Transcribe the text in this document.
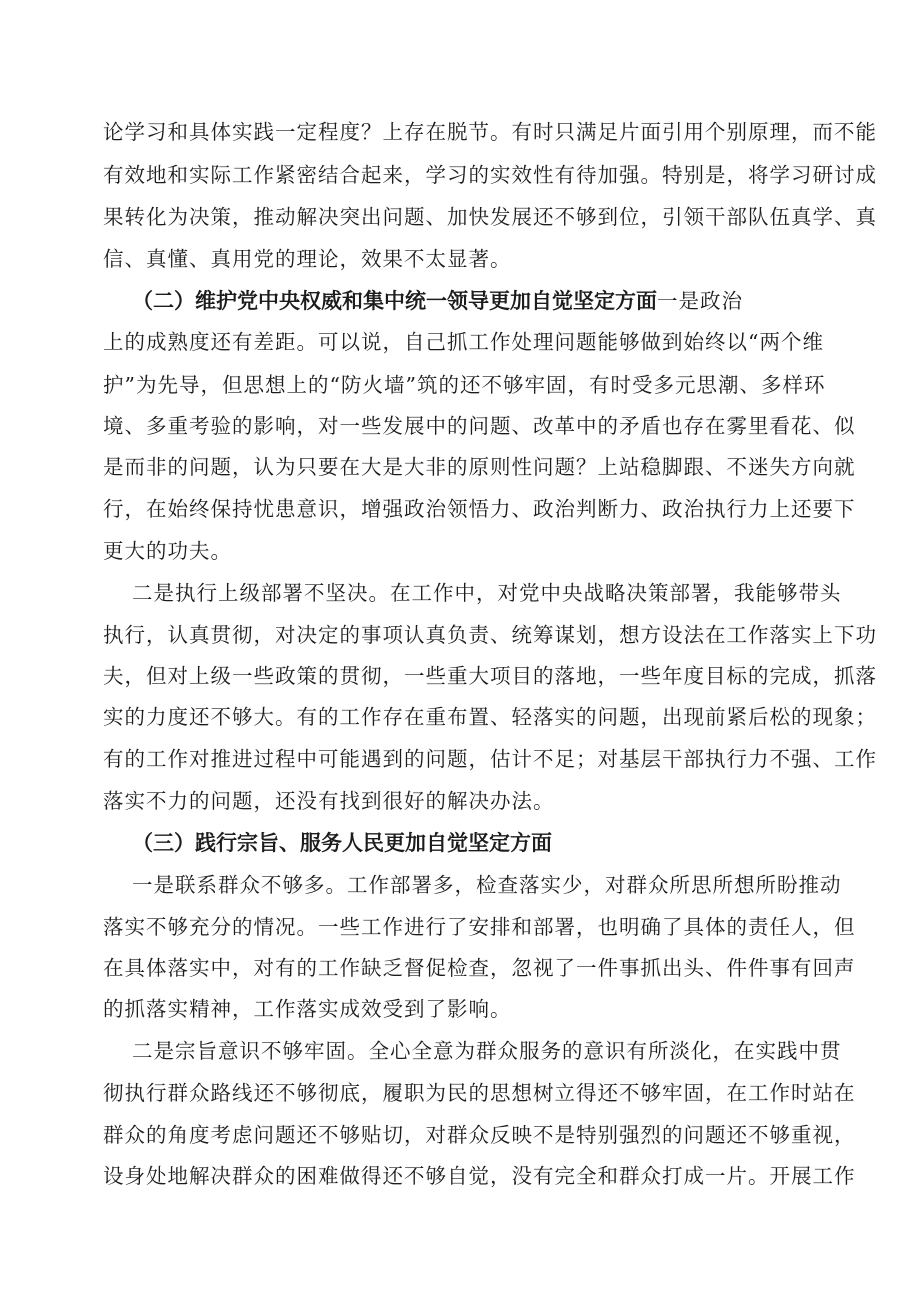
论学习和具体实践一定程度？上存在脱节。有时只满足片面引用个别原理，而不能
有效地和实际工作紧密结合起来，学习的实效性有待加强。特别是，将学习研讨成
果转化为决策，推动解决突出问题、加快发展还不够到位，引领干部队伍真学、真
信、真懂、真用党的理论，效果不太显著。
（二）维护党中央权威和集中统一领导更加自觉坚定方面一是政治
上的成熟度还有差距。可以说，自己抓工作处理问题能够做到始终以“两个维
护”为先导，但思想上的“防火墙”筑的还不够牢固，有时受多元思潮、多样环
境、多重考验的影响，对一些发展中的问题、改革中的矛盾也存在雾里看花、似
是而非的问题，认为只要在大是大非的原则性问题？上站稳脚跟、不迷失方向就
行，在始终保持忧患意识，增强政治领悟力、政治判断力、政治执行力上还要下
更大的功夫。
二是执行上级部署不坚决。在工作中，对党中央战略决策部署，我能够带头
执行，认真贯彻，对决定的事项认真负责、统筹谋划，想方设法在工作落实上下功
夫，但对上级一些政策的贯彻，一些重大项目的落地，一些年度目标的完成，抓落
实的力度还不够大。有的工作存在重布置、轻落实的问题，出现前紧后松的现象；
有的工作对推进过程中可能遇到的问题，估计不足；对基层干部执行力不强、工作
落实不力的问题，还没有找到很好的解决办法。
（三）践行宗旨、服务人民更加自觉坚定方面
一是联系群众不够多。工作部署多，检查落实少，对群众所思所想所盼推动
落实不够充分的情况。一些工作进行了安排和部署，也明确了具体的责任人，但
在具体落实中，对有的工作缺乏督促检查，忽视了一件事抓出头、件件事有回声
的抓落实精神，工作落实成效受到了影响。
二是宗旨意识不够牢固。全心全意为群众服务的意识有所淡化，在实践中贯
彻执行群众路线还不够彻底，履职为民的思想树立得还不够牢固，在工作时站在
群众的角度考虑问题还不够贴切，对群众反映不是特别强烈的问题还不够重视，
设身处地解决群众的困难做得还不够自觉，没有完全和群众打成一片。开展工作
